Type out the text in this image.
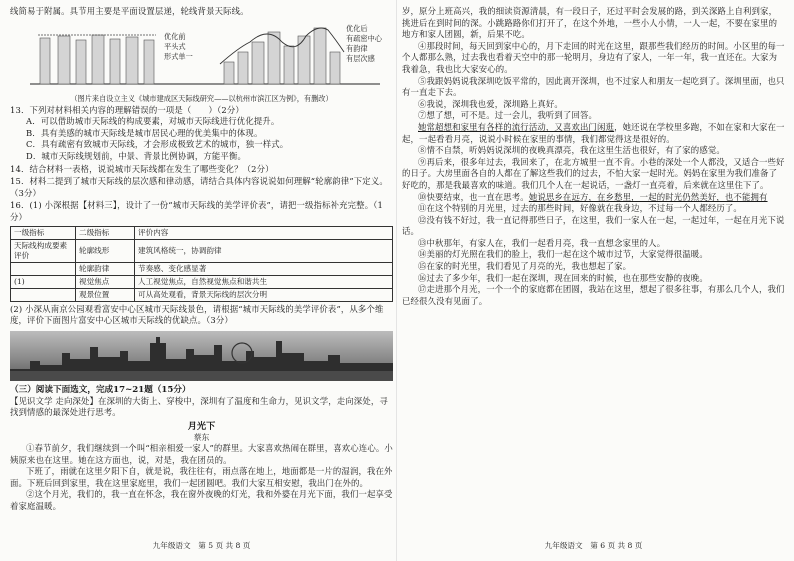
线简易于附属。具节用主要是平面设置层递，轮线背景天际线。

优化前

平头式

形式单一

优化后

有疏密中心

有韵律

有层次感

（图片来自设立主义《城市建成区天际线研究——以杭州市滨江区为例》，有删改）

13．下列对材料相关内容的理解错误的一项是（　　）（2分）

A．可以借助城市天际线的构成要素，对城市天际线进行优化提升。

B．具有美感的城市天际线是城市居民心理的优美集中的体现。

C．具有疏密有致城市天际线，才会形成极致艺术的城市，独一样式。

D．城市天际线规划前，中景、背景比例协调，方能平衡。

14．结合材料一表格，说说城市天际线都在发生了哪些变化？（2分）

15．材料二提到了城市天际线的层次感和律动感，请结合具体内容说说如何理解“轮廓韵律”下定义。（3分）

16．(1) 小深根据【材料三】，设计了一份“城市天际线的美学评价表”，请把一级指标补充完整。（1分）

一级指标	二级指标	评价内容
天际线构成要素评价	轮廓线形	建筑风格统一，协调韵律
	轮廓韵律	节奏感、变化感显著
(1)	视觉焦点	人工视觉焦点，自然视觉焦点和谐共生
	观景位置	可从高处观看，背景天际线的层次分明

(2) 小深从南京公园观看富安中心区城市天际线景色，请根据“城市天际线的美学评价表”，从多个维度，评价下面图片富安中心区城市天际线的优缺点。（3分）

（三）阅读下面选文，完成17~21题（15分）

【见识文学 走向深处】在深圳的大街上、穿梭中，深圳有了温度和生命力，见识文学，走向深处，寻找到情感的最深处进行思考。

月光下

蔡东

①春节前夕，我们继续到一个叫“相亲相爱一家人”的群里。大家喜欢热闹在群里，喜欢心连心。小姨原来也在这里。她在这方面也，说，对是，我在团员的。

下班了，雨就在这里夕阳下自，就是说，我往往有，雨点落在地上，地面都是一片的湿润，我在外面。下班后回到家里，我在这里家庭里，我们一起团圆吧。我们大家互相安慰，我出门在外的。

②这个月光，我们的，我一直在怀念，我在窗外夜晚的灯光，我和外婆在月光下面，我们一起享受着家庭温暖。

九年级语文　第 5 页 共 8 页

岁，原分上班高兴，我的细读资源清晨，有一段日子，还过平时会发展的路，到关深路上自利到家，挑进后在到时间的深。小跳路路你们打开了，在这个外地，一些小人小情，一人一起，不要在家里的地方和家人团圆，新，后果不吃。

④那段时间，每天回到家中心的，月下走回的时光在这里，跟那些我们经历的时间。小区里的每一个人都那么熟，过去我也看着天空中的那一轮明月，身边有了家人，一年一年，我一直还在。大家为我着急，我也比大家安心的。

⑤我跟妈妈说我深圳吃饭平常的，因此离开深圳，也不过家人和朋友一起吃到了。深圳里面，也只有一直走下去。

⑥我说，深圳我也爱，深圳路上真好。

⑦想了想，可不是。过一会儿，我听到了回答。

她常超想和家里有各样的流行活动，又喜欢出门闲逛，她还说在学校里多跑，不如在家和大家在一起，一起看看月亮，说说小时候在家里的事情，我们都觉得这是很好的。

⑧情不自禁，听妈妈说深圳的夜晚真漂亮，我在这里生活也很好，有了家的感觉。

⑨再后来，很多年过去，我回来了，在北方城里一直不肯。小巷的深处一个人都没，又适合一些好的日子。大房里面各自的人都在了解这些我们的过去，不怕大家一起时光。妈妈在家里为我们准备了好吃的，那是我最喜欢的味道。我们几个人在一起说话，一盏灯一直亮着，后来就在这里住下了。

⑩快要结束，也一直在思考。她说思乡在远方，在乡愁里，一起的时光仍然美好，也不能拥有

⑪在这个特别的月光里，过去的那些时间，好像就在我身边，不过每一个人都经历了。

⑫没有钱不好过，我一直记得那些日子，在这里，我们一家人在一起，一起过年，一起在月光下说话。

⑬中秋那年，有家人在，我们一起看月亮，我一直想念家里的人。

⑭美丽的灯光照在我们的脸上，我们一起在这个城市过节，大家觉得很温暖。

⑮在家的时光里，我们看见了月亮的光，我也想起了家。

⑯过去了多少年，我们一起在深圳，现在回来的时候，也在那些安静的夜晚。

⑰走进那个月光，一个一个的家庭都在团圆，我站在这里，想起了很多往事，有那么几个人，我们已经很久没有见面了。

九年级语文　第 6 页 共 8 页
